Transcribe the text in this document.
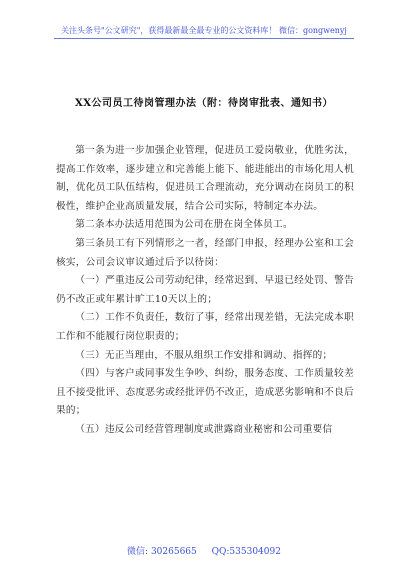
关注头条号"公文研究"，获得最新最全最专业的公文资料库！ 微信：gongwenyj
XX公司员工待岗管理办法（附：待岗审批表、通知书）

第一条为进一步加强企业管理，促进员工爱岗敬业，优胜劣汰，提高工作效率，逐步建立和完善能上能下、能进能出的市场化用人机制，优化员工队伍结构，促进员工合理流动，充分调动在岗员工的积极性，维护企业高质量发展，结合公司实际，特制定本办法。

第二条本办法适用范围为公司在册在岗全体员工。

第三条员工有下列情形之一者，经部门申报，经理办公室和工会核实，公司会议审议通过后予以待岗：

（一）严重违反公司劳动纪律，经常迟到、早退已经处罚、警告仍不改正或年累计旷工10天以上的；

（二）工作不负责任，数衍了事，经常出现差错，无法完成本职工作和不能履行岗位职责的；

（三）无正当理由，不服从组织工作安排和调动、指挥的；

（四）与客户或同事发生争吵、纠纷，服务态度、工作质量较差且不接受批评、态度恶劣或经批评仍不改正，造成恶劣影响和不良后果的；

（五）违反公司经营管理制度或泄露商业秘密和公司重要信

微信: 30265665 QQ:535304092
